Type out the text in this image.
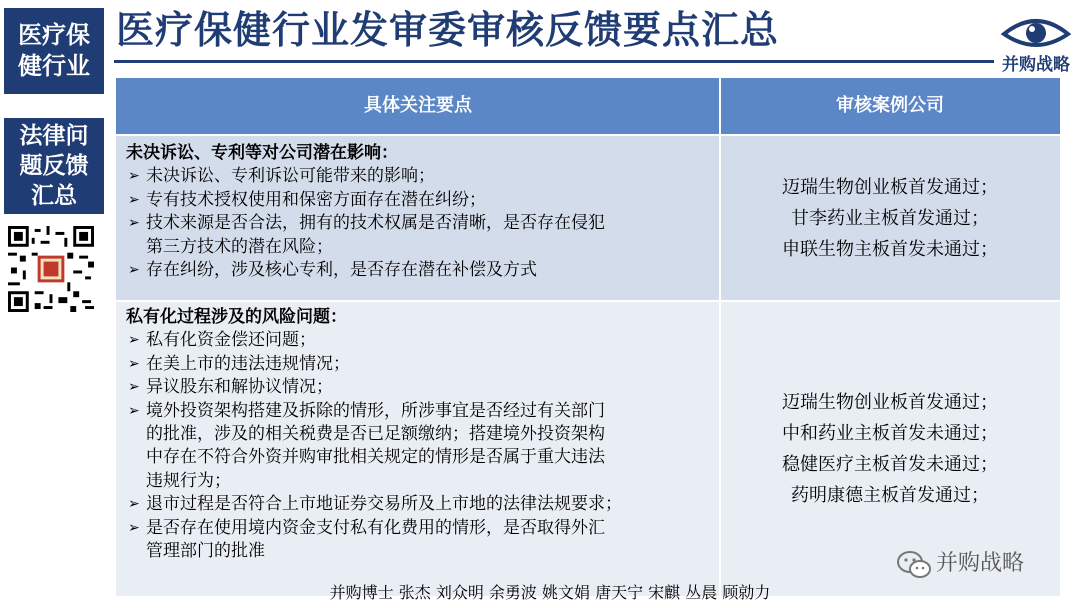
医疗保健行业
法律问题反馈汇总
医疗保健行业发审委审核反馈要点汇总
并购战略
具体关注要点	审核案例公司
未决诉讼、专利等对公司潜在影响：
➢ 未决诉讼、专利诉讼可能带来的影响；
➢ 专有技术授权使用和保密方面存在潜在纠纷；
➢ 技术来源是否合法，拥有的技术权属是否清晰，是否存在侵犯
第三方技术的潜在风险；
➢ 存在纠纷，涉及核心专利，是否存在潜在补偿及方式
迈瑞生物创业板首发通过；
甘李药业主板首发通过；
申联生物主板首发未通过；
私有化过程涉及的风险问题：
➢ 私有化资金偿还问题；
➢ 在美上市的违法违规情况；
➢ 异议股东和解协议情况；
➢ 境外投资架构搭建及拆除的情形，所涉事宜是否经过有关部门
的批准，涉及的相关税费是否已足额缴纳；搭建境外投资架构
中存在不符合外资并购审批相关规定的情形是否属于重大违法
违规行为；
➢ 退市过程是否符合上市地证券交易所及上市地的法律法规要求；
➢ 是否存在使用境内资金支付私有化费用的情形，是否取得外汇
管理部门的批准
迈瑞生物创业板首发通过；
中和药业主板首发未通过；
稳健医疗主板首发未通过；
药明康德主板首发通过；
并购战略
并购博士 张杰 刘众明 余勇波 姚文娟 唐天宁 宋麒 丛晨 顾勍力
